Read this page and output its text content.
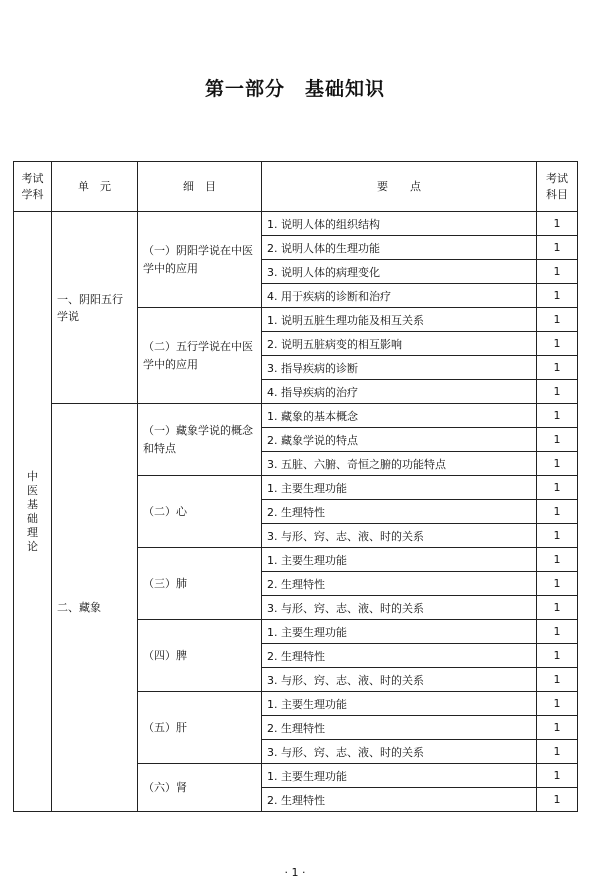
第一部分　基础知识
考试
学科	单　元	细　目	要　　点	考试
科目
中医基础理论	一、阴阳五行学说	（一）阴阳学说在中医学中的应用	1. 说明人体的组织结构	1
			2. 说明人体的生理功能	1
			3. 说明人体的病理变化	1
			4. 用于疾病的诊断和治疗	1
		（二）五行学说在中医学中的应用	1. 说明五脏生理功能及相互关系	1
			2. 说明五脏病变的相互影响	1
			3. 指导疾病的诊断	1
			4. 指导疾病的治疗	1
	二、藏象	（一）藏象学说的概念和特点	1. 藏象的基本概念	1
			2. 藏象学说的特点	1
			3. 五脏、六腑、奇恒之腑的功能特点	1
		（二）心	1. 主要生理功能	1
			2. 生理特性	1
			3. 与形、窍、志、液、时的关系	1
		（三）肺	1. 主要生理功能	1
			2. 生理特性	1
			3. 与形、窍、志、液、时的关系	1
		（四）脾	1. 主要生理功能	1
			2. 生理特性	1
			3. 与形、窍、志、液、时的关系	1
		（五）肝	1. 主要生理功能	1
			2. 生理特性	1
			3. 与形、窍、志、液、时的关系	1
		（六）肾	1. 主要生理功能	1
			2. 生理特性	1
· 1 ·
